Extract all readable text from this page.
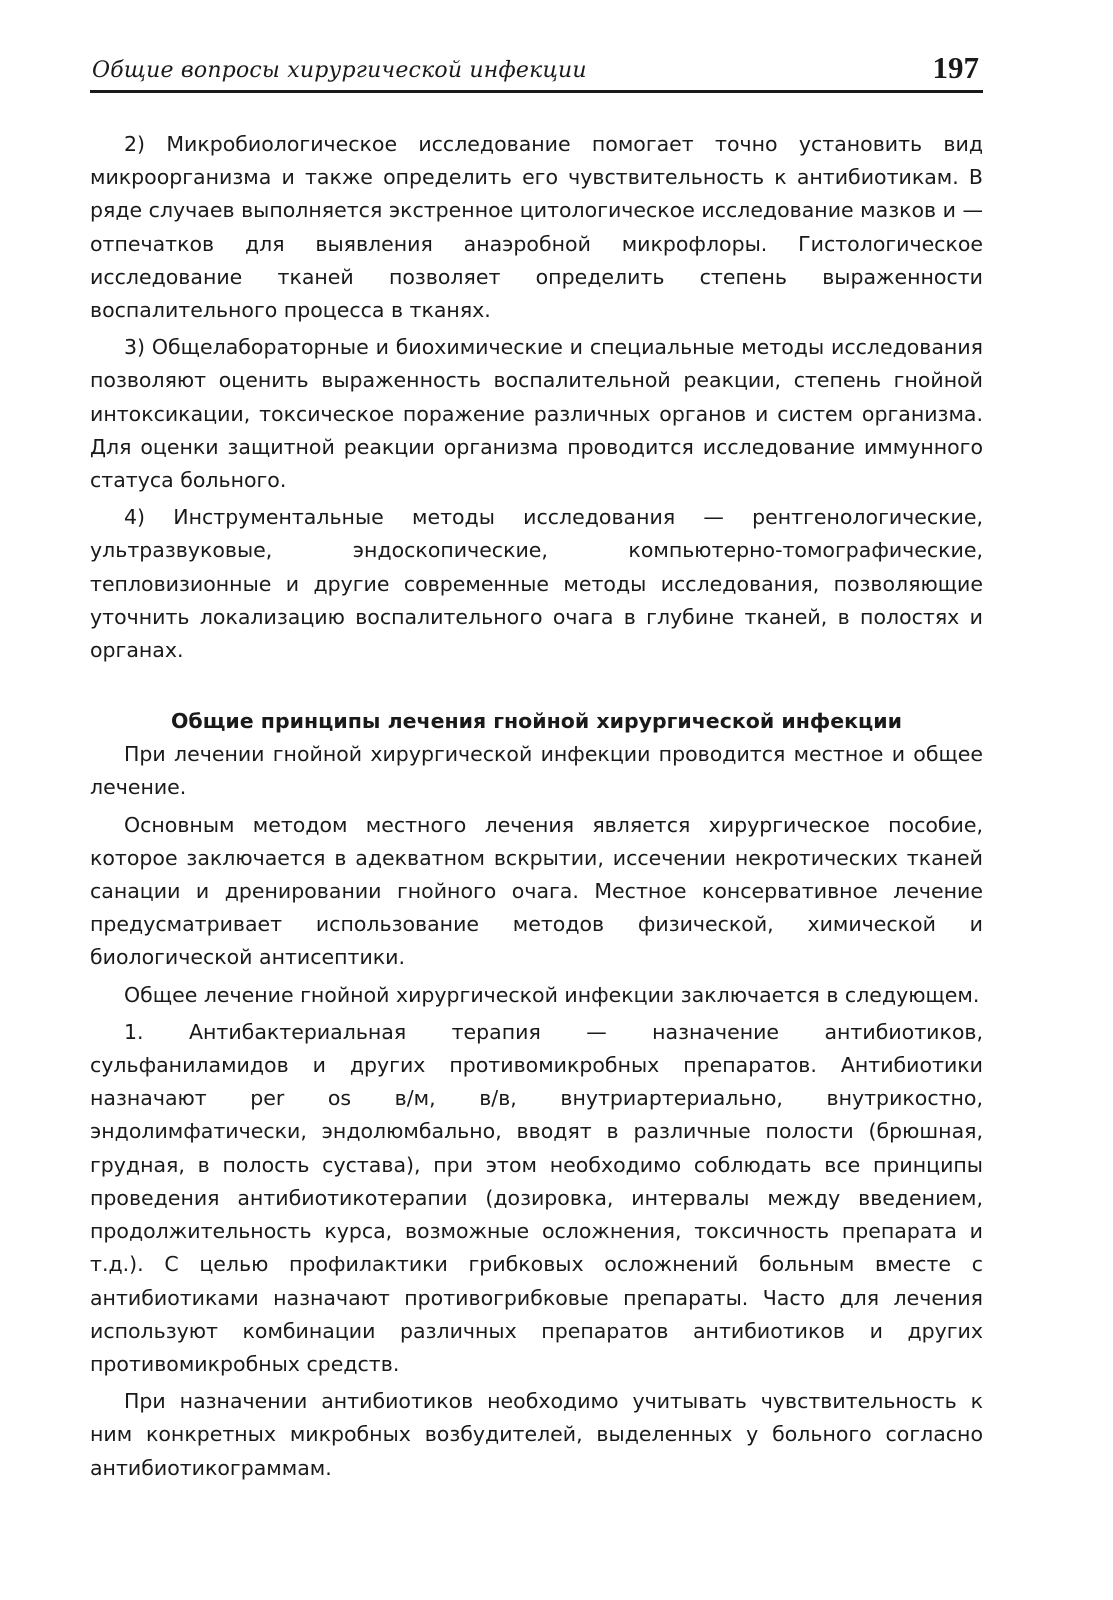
Общие вопросы хирургической инфекции	197

2) Микробиологическое исследование помогает точно установить вид микроорганизма и также определить его чувствительность к антибиотикам. В ряде случаев выполняется экстренное цитологическое исследование мазков и — отпечатков для выявления анаэробной микрофлоры. Гистологическое исследование тканей позволяет определить степень выраженности воспалительного процесса в тканях.

3) Общелабораторные и биохимические и специальные методы исследования позволяют оценить выраженность воспалительной реакции, степень гнойной интоксикации, токсическое поражение различных органов и систем организма. Для оценки защитной реакции организма проводится исследование иммунного статуса больного.

4) Инструментальные методы исследования — рентгенологические, ультразвуковые, эндоскопические, компьютерно-томографические, тепловизионные и другие современные методы исследования, позволяющие уточнить локализацию воспалительного очага в глубине тканей, в полостях и органах.

Общие принципы лечения гнойной хирургической инфекции

При лечении гнойной хирургической инфекции проводится местное и общее лечение.

Основным методом местного лечения является хирургическое пособие, которое заключается в адекватном вскрытии, иссечении некротических тканей санации и дренировании гнойного очага. Местное консервативное лечение предусматривает использование методов физической, химической и биологической антисептики.

Общее лечение гнойной хирургической инфекции заключается в следующем.

1. Антибактериальная терапия — назначение антибиотиков, сульфаниламидов и других противомикробных препаратов. Антибиотики назначают per os в/м, в/в, внутриартериально, внутрикостно, эндолимфатически, эндолюмбально, вводят в различные полости (брюшная, грудная, в полость сустава), при этом необходимо соблюдать все принципы проведения антибиотикотерапии (дозировка, интервалы между введением, продолжительность курса, возможные осложнения, токсичность препарата и т.д.). С целью профилактики грибковых осложнений больным вместе с антибиотиками назначают противогрибковые препараты. Часто для лечения используют комбинации различных препаратов антибиотиков и других противомикробных средств.

При назначении антибиотиков необходимо учитывать чувствительность к ним конкретных микробных возбудителей, выделенных у больного согласно антибиотикограммам.
